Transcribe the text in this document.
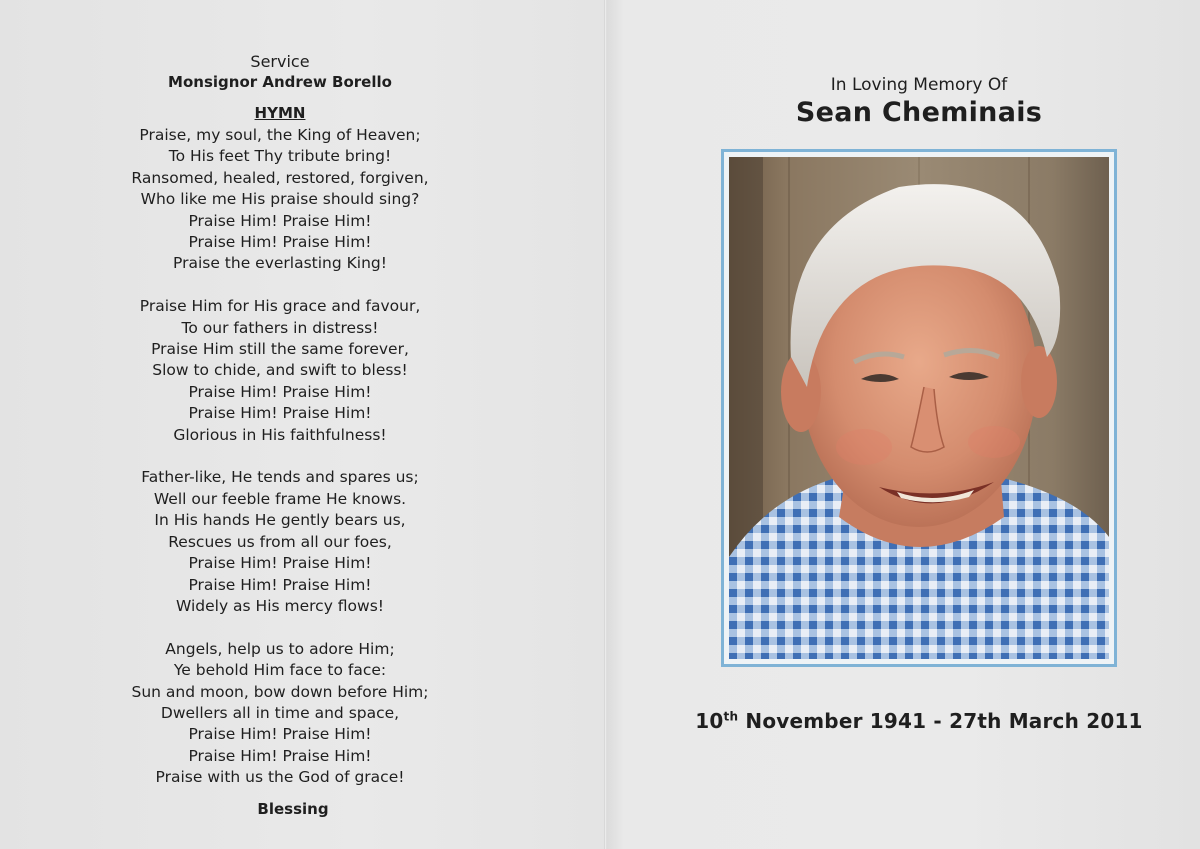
Service
Monsignor Andrew Borello
HYMN
Praise, my soul, the King of Heaven;
To His feet Thy tribute bring!
Ransomed, healed, restored, forgiven,
Who like me His praise should sing?
Praise Him! Praise Him!
Praise Him! Praise Him!
Praise the everlasting King!
Praise Him for His grace and favour,
To our fathers in distress!
Praise Him still the same forever,
Slow to chide, and swift to bless!
Praise Him! Praise Him!
Praise Him! Praise Him!
Glorious in His faithfulness!
Father-like, He tends and spares us;
Well our feeble frame He knows.
In His hands He gently bears us,
Rescues us from all our foes,
Praise Him! Praise Him!
Praise Him! Praise Him!
Widely as His mercy flows!
Angels, help us to adore Him;
Ye behold Him face to face:
Sun and moon, bow down before Him;
Dwellers all in time and space,
Praise Him! Praise Him!
Praise Him! Praise Him!
Praise with us the God of grace!
Blessing
In Loving Memory Of
Sean Cheminais
10th November 1941 - 27th March 2011
